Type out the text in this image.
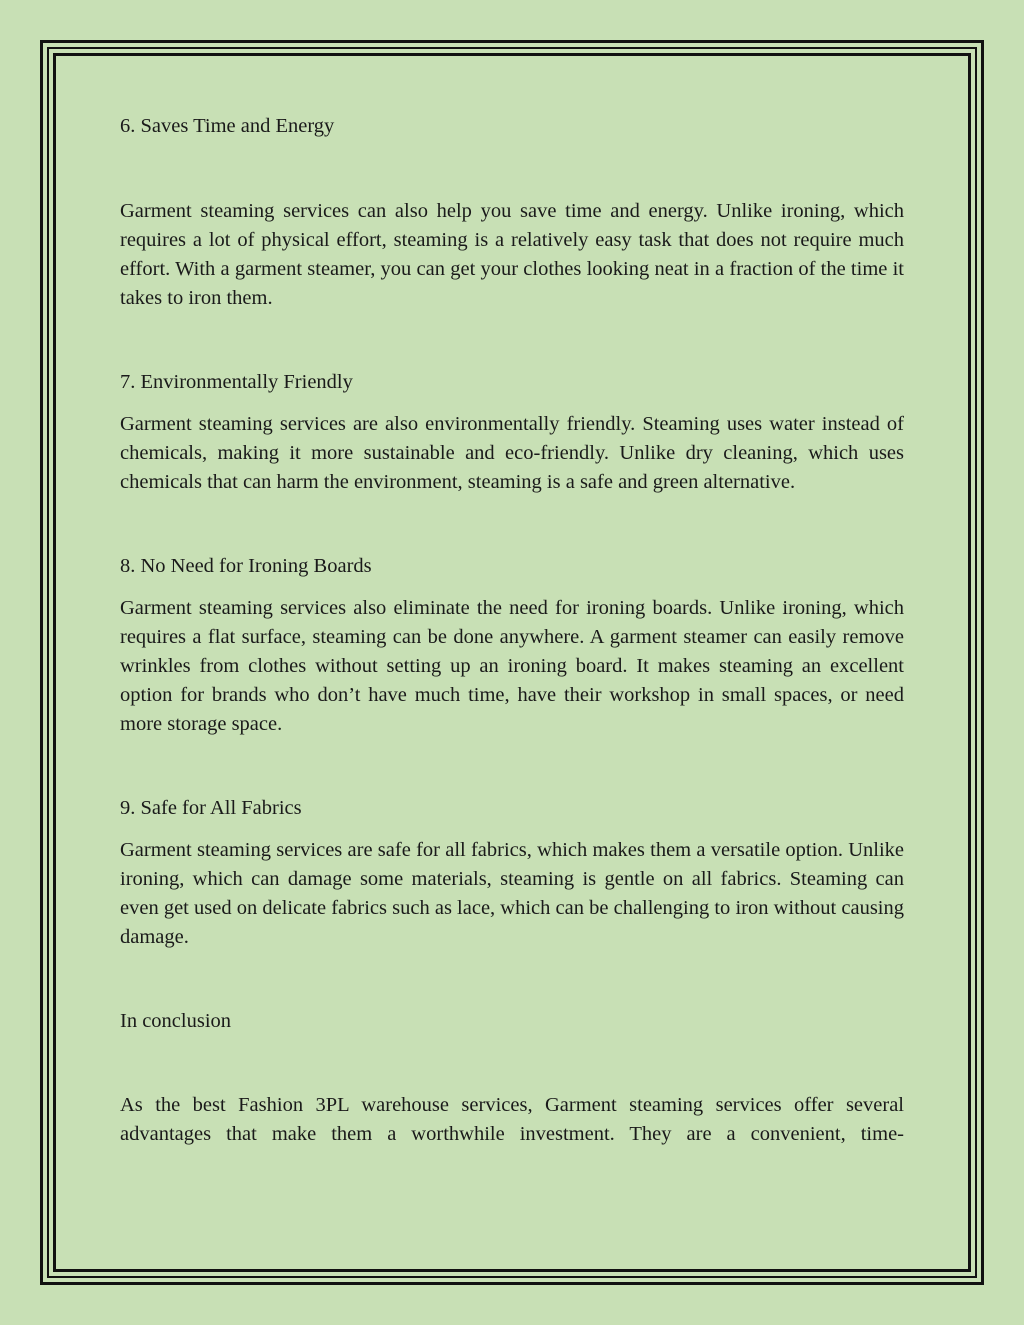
6. Saves Time and Energy

Garment steaming services can also help you save time and energy. Unlike ironing, which requires a lot of physical effort, steaming is a relatively easy task that does not require much effort. With a garment steamer, you can get your clothes looking neat in a fraction of the time it takes to iron them.

7. Environmentally Friendly

Garment steaming services are also environmentally friendly. Steaming uses water instead of chemicals, making it more sustainable and eco-friendly. Unlike dry cleaning, which uses chemicals that can harm the environment, steaming is a safe and green alternative.

8. No Need for Ironing Boards

Garment steaming services also eliminate the need for ironing boards. Unlike ironing, which requires a flat surface, steaming can be done anywhere. A garment steamer can easily remove wrinkles from clothes without setting up an ironing board. It makes steaming an excellent option for brands who don’t have much time, have their workshop in small spaces, or need more storage space.

9. Safe for All Fabrics

Garment steaming services are safe for all fabrics, which makes them a versatile option. Unlike ironing, which can damage some materials, steaming is gentle on all fabrics. Steaming can even get used on delicate fabrics such as lace, which can be challenging to iron without causing damage.

In conclusion

As the best Fashion 3PL warehouse services, Garment steaming services offer several advantages that make them a worthwhile investment. They are a convenient, time-
